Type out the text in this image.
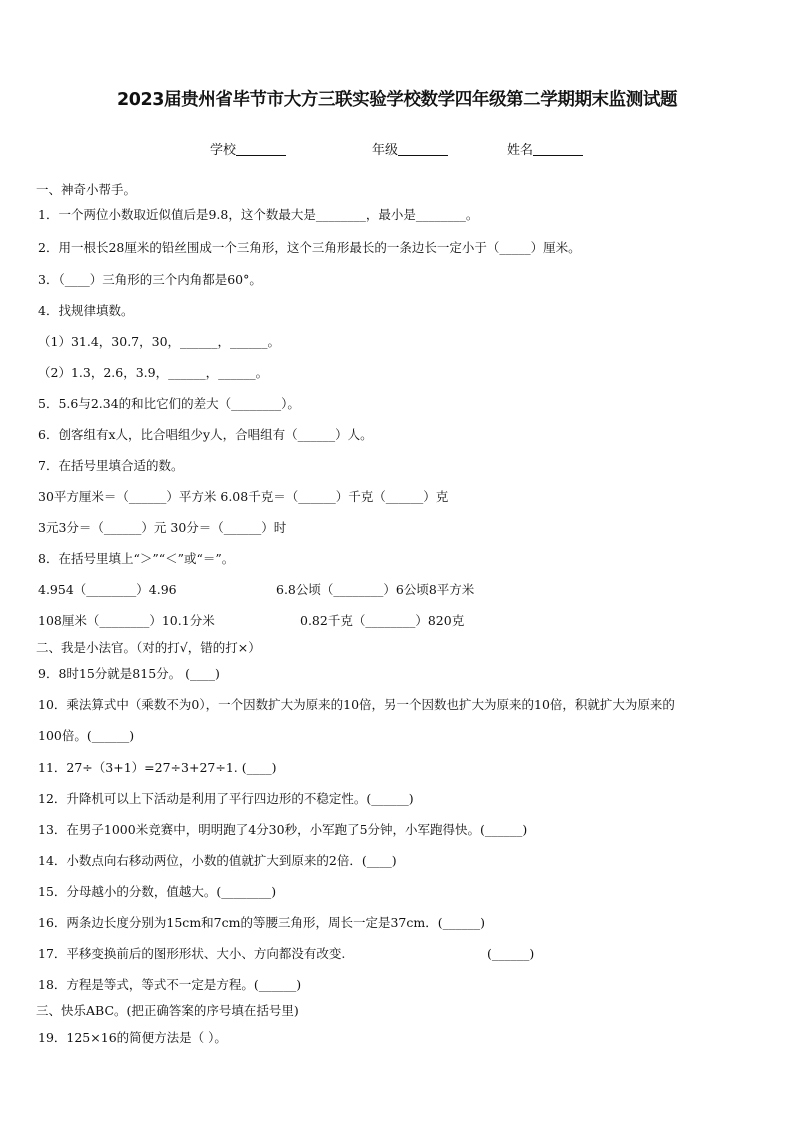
2023届贵州省毕节市大方三联实验学校数学四年级第二学期期末监测试题
学校	年级	姓名
一、神奇小帮手。
1．一个两位小数取近似值后是9.8，这个数最大是________，最小是________。
2．用一根长28厘米的铅丝围成一个三角形，这个三角形最长的一条边长一定小于（_____）厘米。
3．（____）三角形的三个内角都是60°。
4．找规律填数。
（1）31.4，30.7，30，______，______。
（2）1.3，2.6，3.9，______，______。
5．5.6与2.34的和比它们的差大（________）。
6．创客组有x人，比合唱组少y人，合唱组有（______）人。
7．在括号里填合适的数。
30平方厘米＝（______）平方米 6.08千克＝（______）千克（______）克
3元3分＝（______）元 30分＝（______）时
8．在括号里填上“＞”“＜”或“＝”。
4.954（________）4.96	6.8公顷（________）6公顷8平方米
108厘米（________）10.1分米	0.82千克（________）820克
二、我是小法官。（对的打√，错的打×）
9．8时15分就是815分。 (____)
10．乘法算式中（乘数不为0），一个因数扩大为原来的10倍，另一个因数也扩大为原来的10倍，积就扩大为原来的
100倍。(______)
11．27÷（3+1）=27÷3+27÷1. (____)
12．升降机可以上下活动是利用了平行四边形的不稳定性。(______)
13．在男子1000米竞赛中，明明跑了4分30秒，小军跑了5分钟，小军跑得快。(______)
14．小数点向右移动两位，小数的值就扩大到原来的2倍．(____)
15．分母越小的分数，值越大。(________)
16．两条边长度分别为15cm和7cm的等腰三角形，周长一定是37cm．(______)
17．平移变换前后的图形形状、大小、方向都没有改变.	(______)
18．方程是等式，等式不一定是方程。(______)
三、快乐ABC。(把正确答案的序号填在括号里)
19．125×16的简便方法是（ ）。
